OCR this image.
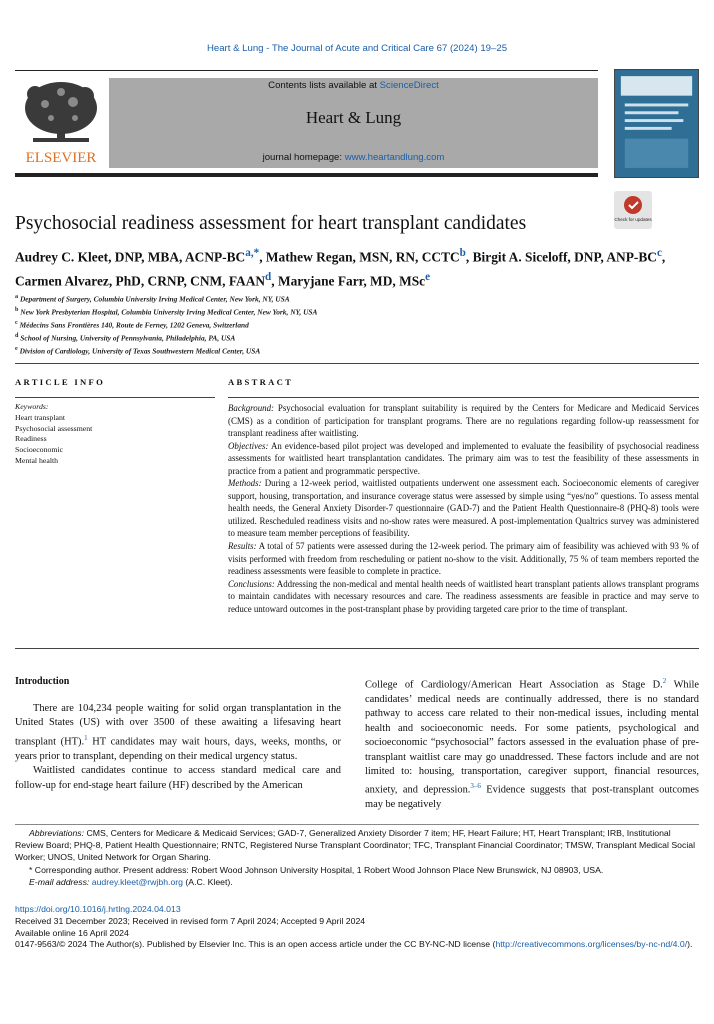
Heart & Lung - The Journal of Acute and Critical Care 67 (2024) 19–25
ELSEVIER
Contents lists available at ScienceDirect
Heart & Lung
journal homepage: www.heartandlung.com
Check for updates
Psychosocial readiness assessment for heart transplant candidates
Audrey C. Kleet, DNP, MBA, ACNP-$BC^{a,*}$, Mathew Regan, MSN, RN, CCTC$^b$, Birgit A. Siceloff, DNP, ANP-$BC^c$, Carmen Alvarez, PhD, CRNP, CNM, FAAN$^d$, Maryjane Farr, MD, MSc$^e$
$^a$ Department of Surgery, Columbia University Irving Medical Center, New York, NY, USA
$^b$ New York Presbyterian Hospital, Columbia University Irving Medical Center, New York, NY, USA
$^c$ Médecins Sans Frontières 140, Route de Ferney, 1202 Geneva, Switzerland
$^d$ School of Nursing, University of Pennsylvania, Philadelphia, PA, USA
$^e$ Division of Cardiology, University of Texas Southwestern Medical Center, USA
ARTICLE INFO	ABSTRACT
Keywords:
Heart transplant
Psychosocial assessment
Readiness
Socioeconomic
Mental health

Background: Psychosocial evaluation for transplant suitability is required by the Centers for Medicare and Medicaid Services (CMS) as a condition of participation for transplant programs. There are no regulations regarding follow-up reassessment for transplant readiness after waitlisting.

Objectives: An evidence-based pilot project was developed and implemented to evaluate the feasibility of psychosocial readiness assessments for waitlisted heart transplantation candidates. The primary aim was to test the feasibility of these assessments in practice from a patient and programmatic perspective.

Methods: During a 12-week period, waitlisted outpatients underwent one assessment each. Socioeconomic elements of caregiver support, housing, transportation, and insurance coverage status were assessed by simple using “yes/no” questions. To assess mental health needs, the General Anxiety Disorder-7 questionnaire (GAD-7) and the Patient Health Questionnaire-8 (PHQ-8) tools were utilized. Rescheduled readiness visits and no-show rates were measured. A post-implementation Qualtrics survey was administered to measure team member perceptions of feasibility.

Results: A total of 57 patients were assessed during the 12-week period. The primary aim of feasibility was achieved with 93 % of visits performed with freedom from rescheduling or patient no-show to the visit. Additionally, 75 % of team members reported the readiness assessments were feasible to complete in practice.

Conclusions: Addressing the non-medical and mental health needs of waitlisted heart transplant patients allows transplant programs to maintain candidates with necessary resources and care. The readiness assessments are feasible in practice and may serve to reduce untoward outcomes in the post-transplant phase by providing targeted care prior to the time of transplant.

Introduction

There are 104,234 people waiting for solid organ transplantation in the United States (US) with over 3500 of these awaiting a lifesaving heart transplant (HT).$^1$ HT candidates may wait hours, days, weeks, months, or years prior to transplant, depending on their medical urgency status.

Waitlisted candidates continue to access standard medical care and follow-up for end-stage heart failure (HF) described by the American

College of Cardiology/American Heart Association as Stage D.$^2$ While candidates’ medical needs are continually addressed, there is no standard pathway to access care related to their non-medical issues, including mental health and socioeconomic needs. For some patients, psychological and socioeconomic “psychosocial” factors assessed in the evaluation phase of pre-transplant waitlist care may go unaddressed. These factors include and are not limited to: housing, transportation, caregiver support, financial resources, anxiety, and depression.$^{3-6}$ Evidence suggests that post-transplant outcomes may be negatively

Abbreviations: CMS, Centers for Medicare & Medicaid Services; GAD-7, Generalized Anxiety Disorder 7 item; HF, Heart Failure; HT, Heart Transplant; IRB, Institutional Review Board; PHQ-8, Patient Health Questionnaire; RNTC, Registered Nurse Transplant Coordinator; TFC, Transplant Financial Coordinator; TMSW, Transplant Medical Social Worker; UNOS, United Network for Organ Sharing.

* Corresponding author. Present address: Robert Wood Johnson University Hospital, 1 Robert Wood Johnson Place New Brunswick, NJ 08903, USA.

E-mail address: audrey.kleet@rwjbh.org (A.C. Kleet).

https://doi.org/10.1016/j.hrtlng.2024.04.013
Received 31 December 2023; Received in revised form 7 April 2024; Accepted 9 April 2024
Available online 16 April 2024
0147-9563/© 2024 The Author(s). Published by Elsevier Inc. This is an open access article under the CC BY-NC-ND license (http://creativecommons.org/licenses/by-nc-nd/4.0/).
